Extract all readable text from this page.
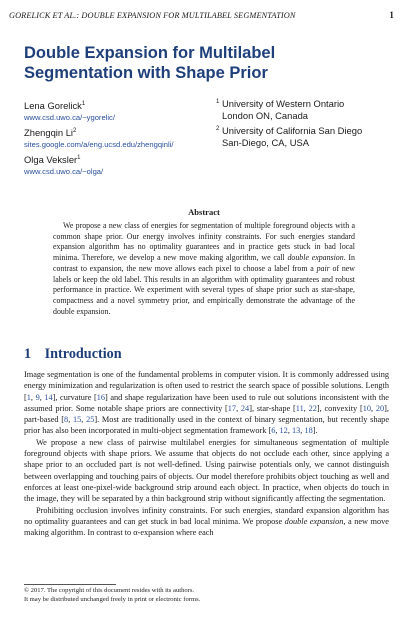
GORELICK ET AL.: DOUBLE EXPANSION FOR MULTILABEL SEGMENTATION	1
Double Expansion for Multilabel
Segmentation with Shape Prior
Lena Gorelick$^1$
www.csd.uwo.ca/~ygorelic/
Zhengqin Li$^2$
sites.google.com/a/eng.ucsd.edu/zhengqinli/
Olga Veksler$^1$
www.csd.uwo.ca/~olga/
1 University of Western Ontario
London ON, Canada
2 University of California San Diego
San-Diego, CA, USA
Abstract

We propose a new class of energies for segmentation of multiple foreground objects with a common shape prior. Our energy involves infinity constraints. For such energies standard expansion algorithm has no optimality guarantees and in practice gets stuck in bad local minima. Therefore, we develop a new move making algorithm, we call double expansion. In contrast to expansion, the new move allows each pixel to choose a label from a pair of new labels or keep the old label. This results in an algorithm with optimality guarantees and robust performance in practice. We experiment with several types of shape prior such as star-shape, compactness and a novel symmetry prior, and empirically demonstrate the advantage of the double expansion.

1 Introduction

Image segmentation is one of the fundamental problems in computer vision. It is commonly addressed using energy minimization and regularization is often used to restrict the search space of possible solutions. Length [1, 9, 14], curvature [16] and shape regularization have been used to rule out solutions inconsistent with the assumed prior. Some notable shape priors are connectivity [17, 24], star-shape [11, 22], convexity [10, 20], part-based [8, 15, 25]. Most are traditionally used in the context of binary segmentation, but recently shape prior has also been incorporated in multi-object segmentation framework [6, 12, 13, 18].

We propose a new class of pairwise multilabel energies for simultaneous segmentation of multiple foreground objects with shape priors. We assume that objects do not occlude each other, since applying a shape prior to an occluded part is not well-defined. Using pairwise potentials only, we cannot distinguish between overlapping and touching pairs of objects. Our model therefore prohibits object touching as well and enforces at least one-pixel-wide background strip around each object. In practice, when objects do touch in the image, they will be separated by a thin background strip without significantly affecting the segmentation.

Prohibiting occlusion involves infinity constraints. For such energies, standard expansion algorithm has no optimality guarantees and can get stuck in bad local minima. We propose double expansion, a new move making algorithm. In contrast to α-expansion where each

© 2017. The copyright of this document resides with its authors.
It may be distributed unchanged freely in print or electronic forms.
